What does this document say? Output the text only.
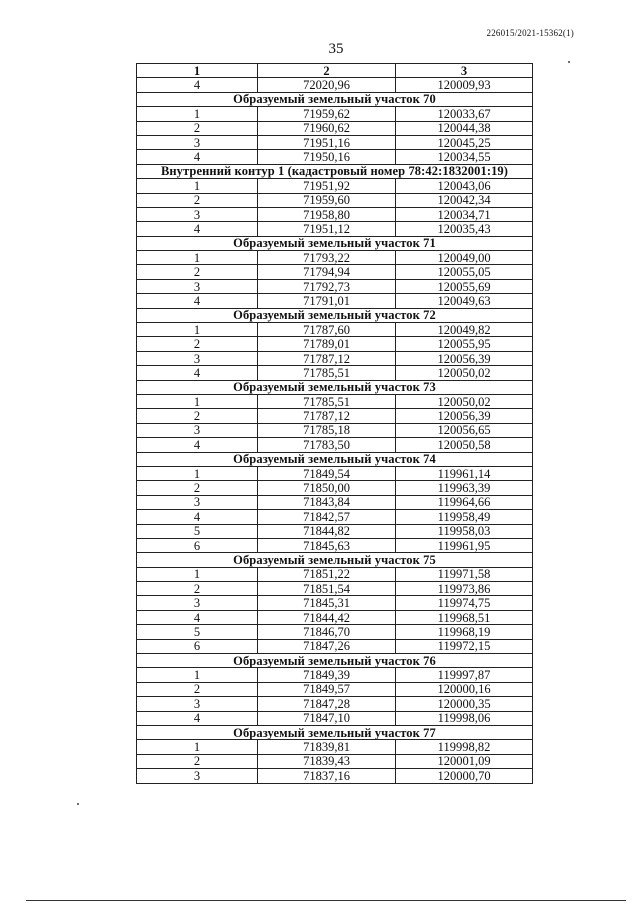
226015/2021-15362(1)
35
1	2	3
4	72020,96	120009,93
Образуемый земельный участок 70		
1	71959,62	120033,67
2	71960,62	120044,38
3	71951,16	120045,25
4	71950,16	120034,55
Внутренний контур 1 (кадастровый номер 78:42:1832001:19)		
1	71951,92	120043,06
2	71959,60	120042,34
3	71958,80	120034,71
4	71951,12	120035,43
Образуемый земельный участок 71		
1	71793,22	120049,00
2	71794,94	120055,05
3	71792,73	120055,69
4	71791,01	120049,63
Образуемый земельный участок 72		
1	71787,60	120049,82
2	71789,01	120055,95
3	71787,12	120056,39
4	71785,51	120050,02
Образуемый земельный участок 73		
1	71785,51	120050,02
2	71787,12	120056,39
3	71785,18	120056,65
4	71783,50	120050,58
Образуемый земельный участок 74		
1	71849,54	119961,14
2	71850,00	119963,39
3	71843,84	119964,66
4	71842,57	119958,49
5	71844,82	119958,03
6	71845,63	119961,95
Образуемый земельный участок 75		
1	71851,22	119971,58
2	71851,54	119973,86
3	71845,31	119974,75
4	71844,42	119968,51
5	71846,70	119968,19
6	71847,26	119972,15
Образуемый земельный участок 76		
1	71849,39	119997,87
2	71849,57	120000,16
3	71847,28	120000,35
4	71847,10	119998,06
Образуемый земельный участок 77		
1	71839,81	119998,82
2	71839,43	120001,09
3	71837,16	120000,70
